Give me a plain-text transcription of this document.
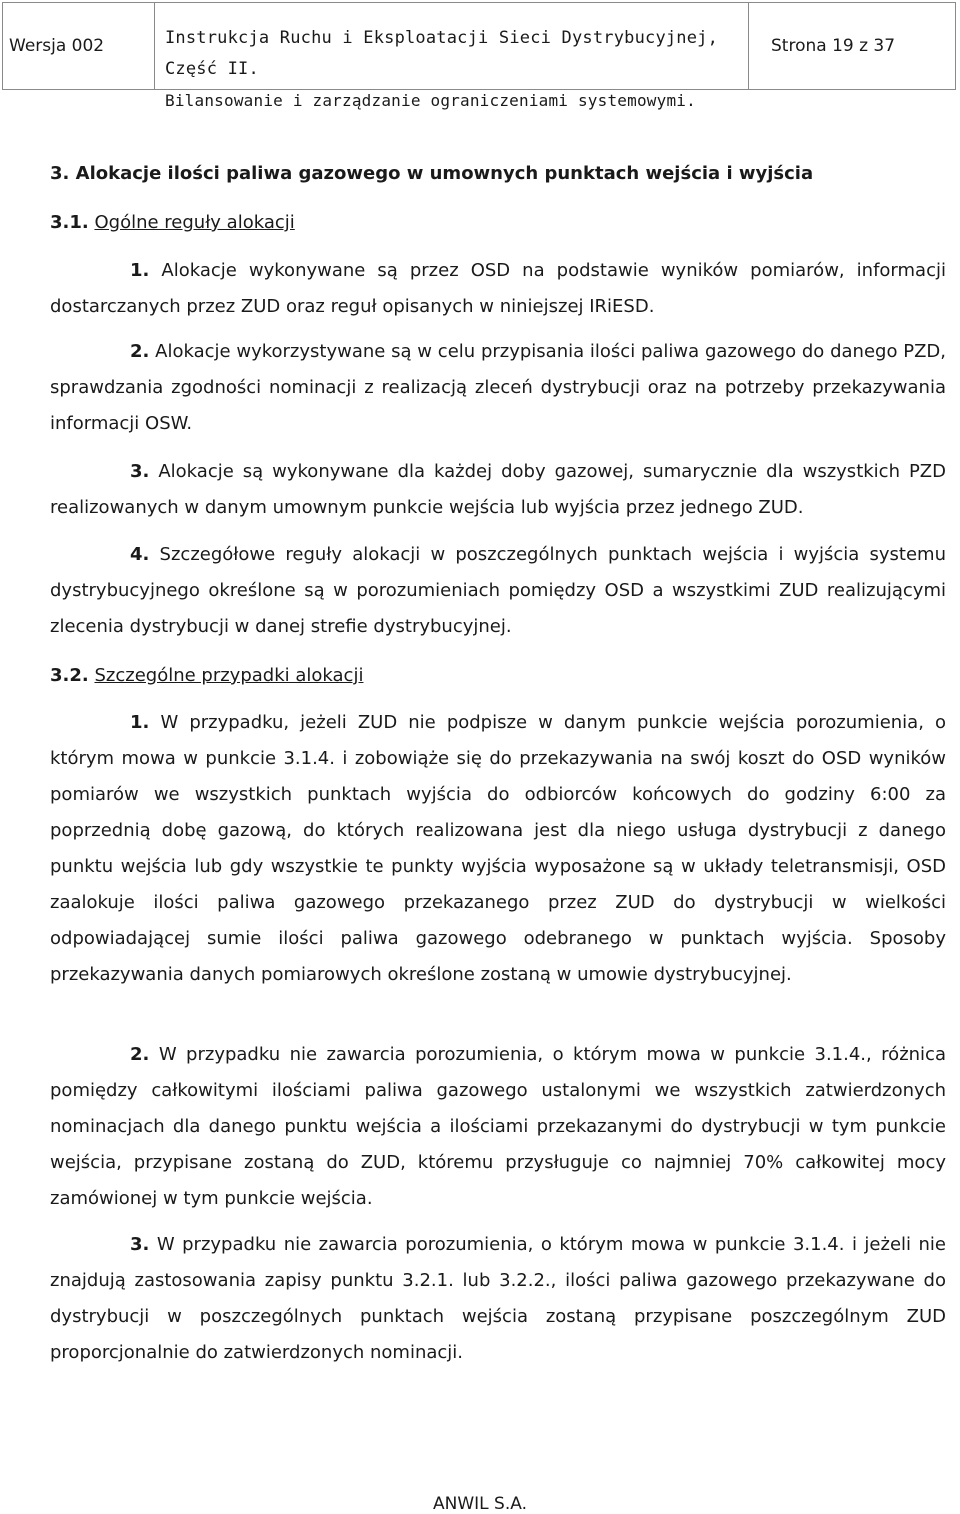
Wersja 002	Instrukcja Ruchu i Eksploatacji Sieci Dystrybucyjnej, Część II.
Bilansowanie i zarządzanie ograniczeniami systemowymi.
Strona 19 z 37
3. Alokacje ilości paliwa gazowego w umownych punktach wejścia i wyjścia
3.1. Ogólne reguły alokacji
1. Alokacje wykonywane są przez OSD na podstawie wyników pomiarów, informacji dostarczanych przez ZUD oraz reguł opisanych w niniejszej IRiESD.
2. Alokacje wykorzystywane są w celu przypisania ilości paliwa gazowego do danego PZD, sprawdzania zgodności nominacji z realizacją zleceń dystrybucji oraz na potrzeby przekazywania informacji OSW.
3. Alokacje są wykonywane dla każdej doby gazowej, sumarycznie dla wszystkich PZD realizowanych w danym umownym punkcie wejścia lub wyjścia przez jednego ZUD.
4. Szczegółowe reguły alokacji w poszczególnych punktach wejścia i wyjścia systemu dystrybucyjnego określone są w porozumieniach pomiędzy OSD a wszystkimi ZUD realizującymi zlecenia dystrybucji w danej strefie dystrybucyjnej.
3.2. Szczególne przypadki alokacji
1. W przypadku, jeżeli ZUD nie podpisze w danym punkcie wejścia porozumienia, o którym mowa w punkcie 3.1.4. i zobowiąże się do przekazywania na swój koszt do OSD wyników pomiarów we wszystkich punktach wyjścia do odbiorców końcowych do godziny 6:00 za poprzednią dobę gazową, do których realizowana jest dla niego usługa dystrybucji z danego punktu wejścia lub gdy wszystkie te punkty wyjścia wyposażone są w układy teletransmisji, OSD zaalokuje ilości paliwa gazowego przekazanego przez ZUD do dystrybucji w wielkości odpowiadającej sumie ilości paliwa gazowego odebranego w punktach wyjścia. Sposoby przekazywania danych pomiarowych określone zostaną w umowie dystrybucyjnej.
2. W przypadku nie zawarcia porozumienia, o którym mowa w punkcie 3.1.4., różnica pomiędzy całkowitymi ilościami paliwa gazowego ustalonymi we wszystkich zatwierdzonych nominacjach dla danego punktu wejścia a ilościami przekazanymi do dystrybucji w tym punkcie wejścia, przypisane zostaną do ZUD, któremu przysługuje co najmniej 70% całkowitej mocy zamówionej w tym punkcie wejścia.
3. W przypadku nie zawarcia porozumienia, o którym mowa w punkcie 3.1.4. i jeżeli nie znajdują zastosowania zapisy punktu 3.2.1. lub 3.2.2., ilości paliwa gazowego przekazywane do dystrybucji w poszczególnych punktach wejścia zostaną przypisane poszczególnym ZUD proporcjonalnie do zatwierdzonych nominacji.
ANWIL S.A.
